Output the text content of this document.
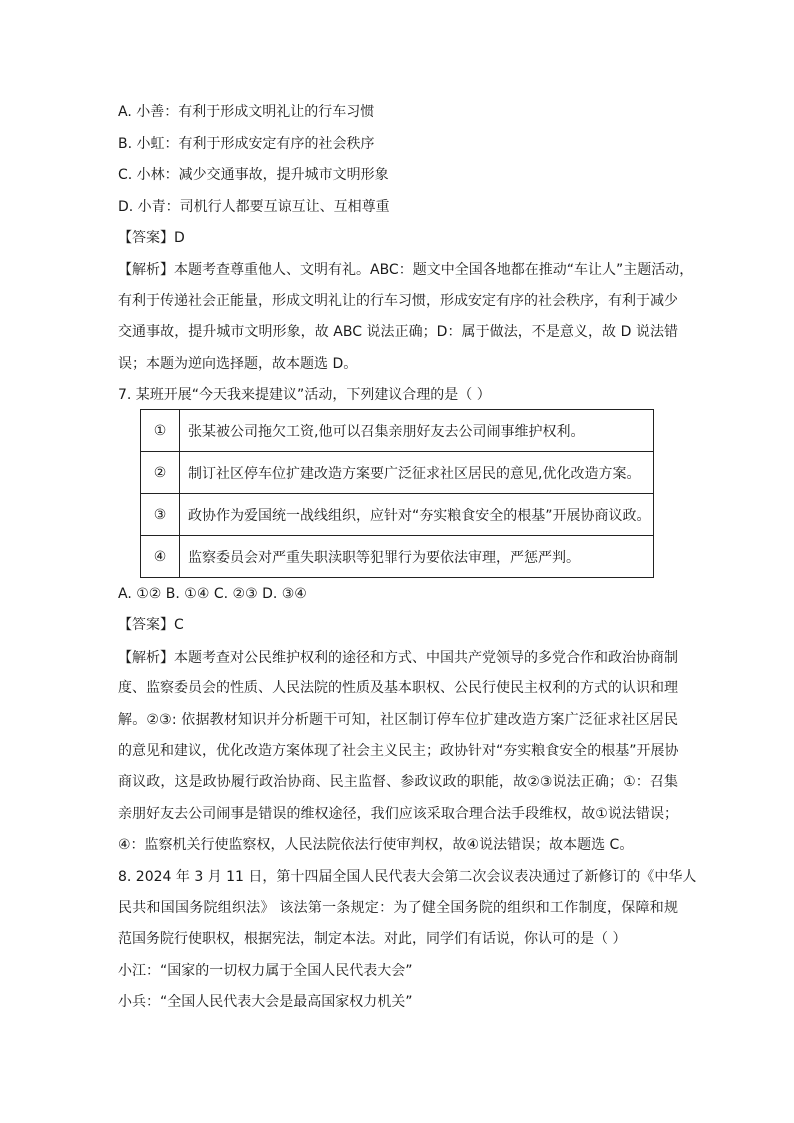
A. 小善：有利于形成文明礼让的行车习惯
B. 小虹：有利于形成安定有序的社会秩序
C. 小林：减少交通事故，提升城市文明形象
D. 小青：司机行人都要互谅互让、互相尊重
【答案】D
【解析】本题考查尊重他人、文明有礼。ABC：题文中全国各地都在推动“车让人”主题活动，
有利于传递社会正能量，形成文明礼让的行车习惯，形成安定有序的社会秩序，有利于减少
交通事故，提升城市文明形象，故 ABC 说法正确；D：属于做法，不是意义，故 D 说法错
误；本题为逆向选择题，故本题选 D。
7. 某班开展“今天我来提建议”活动，下列建议合理的是（ ）
①	张某被公司拖欠工资,他可以召集亲朋好友去公司闹事维护权利。
②	制订社区停车位扩建改造方案要广泛征求社区居民的意见,优化改造方案。
③	政协作为爱国统一战线组织，应针对“夯实粮食安全的根基”开展协商议政。
④	监察委员会对严重失职渎职等犯罪行为要依法审理，严惩严判。
A. ①② B. ①④ C. ②③ D. ③④
【答案】C
【解析】本题考查对公民维护权利的途径和方式、中国共产党领导的多党合作和政治协商制
度、监察委员会的性质、人民法院的性质及基本职权、公民行使民主权利的方式的认识和理
解。②③: 依据教材知识并分析题干可知，社区制订停车位扩建改造方案广泛征求社区居民
的意见和建议，优化改造方案体现了社会主义民主；政协针对“夯实粮食安全的根基”开展协
商议政，这是政协履行政治协商、民主监督、参政议政的职能，故②③说法正确；①：召集
亲朋好友去公司闹事是错误的维权途径，我们应该采取合理合法手段维权，故①说法错误；
④：监察机关行使监察权，人民法院依法行使审判权，故④说法错误；故本题选 C。
8. 2024 年 3 月 11 日，第十四届全国人民代表大会第二次会议表决通过了新修订的《中华人
民共和国国务院组织法》 该法第一条规定：为了健全国务院的组织和工作制度，保障和规
范国务院行使职权，根据宪法，制定本法。对此，同学们有话说，你认可的是（ ）
小江：“国家的一切权力属于全国人民代表大会”
小兵：“全国人民代表大会是最高国家权力机关”
